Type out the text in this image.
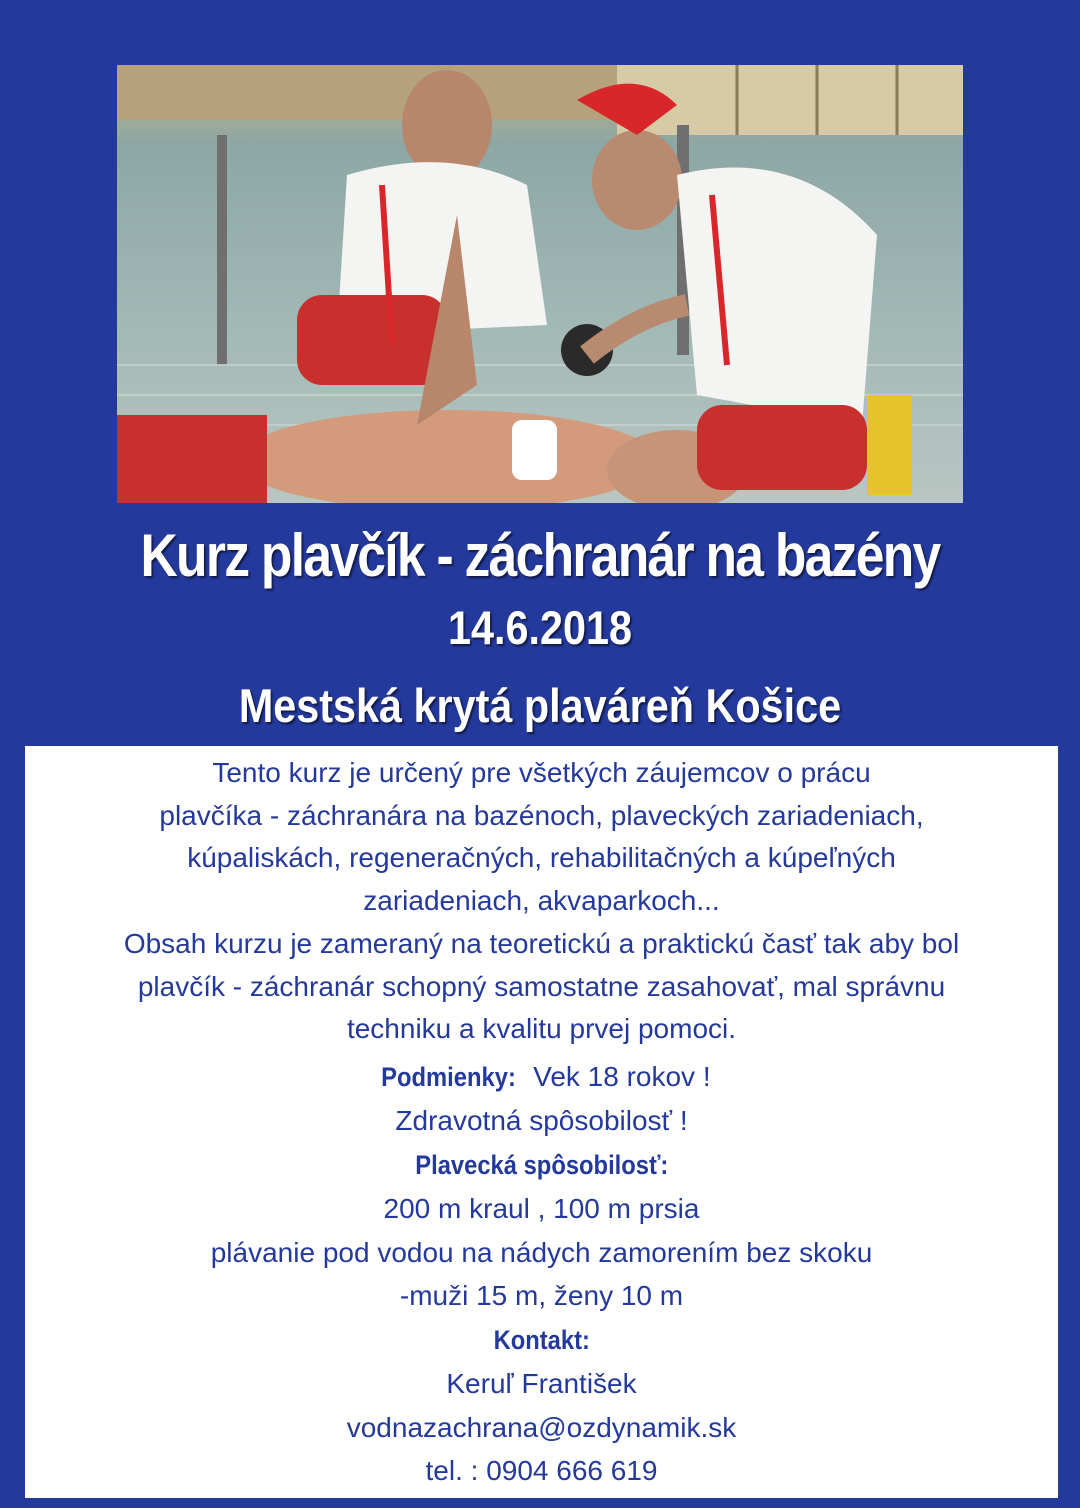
Kurz plavčík - záchranár na bazény
14.6.2018
Mestská krytá plaváreň Košice

Tento kurz je určený pre všetkých záujemcov o prácu

plavčíka - záchranára na bazénoch, plaveckých zariadeniach,

kúpaliskách, regeneračných, rehabilitačných a kúpeľných

zariadeniach, akvaparkoch...

Obsah kurzu je zameraný na teoretickú a praktickú časť tak aby bol

plavčík - záchranár schopný samostatne zasahovať, mal správnu

techniku a kvalitu prvej pomoci.

Podmienky: Vek 18 rokov !

Zdravotná spôsobilosť !

Plavecká spôsobilosť:

200 m kraul , 100 m prsia

plávanie pod vodou na nádych zamorením bez skoku

-muži 15 m, ženy 10 m

Kontakt:

Keruľ František

vodnazachrana@ozdynamik.sk

tel. : 0904 666 619
